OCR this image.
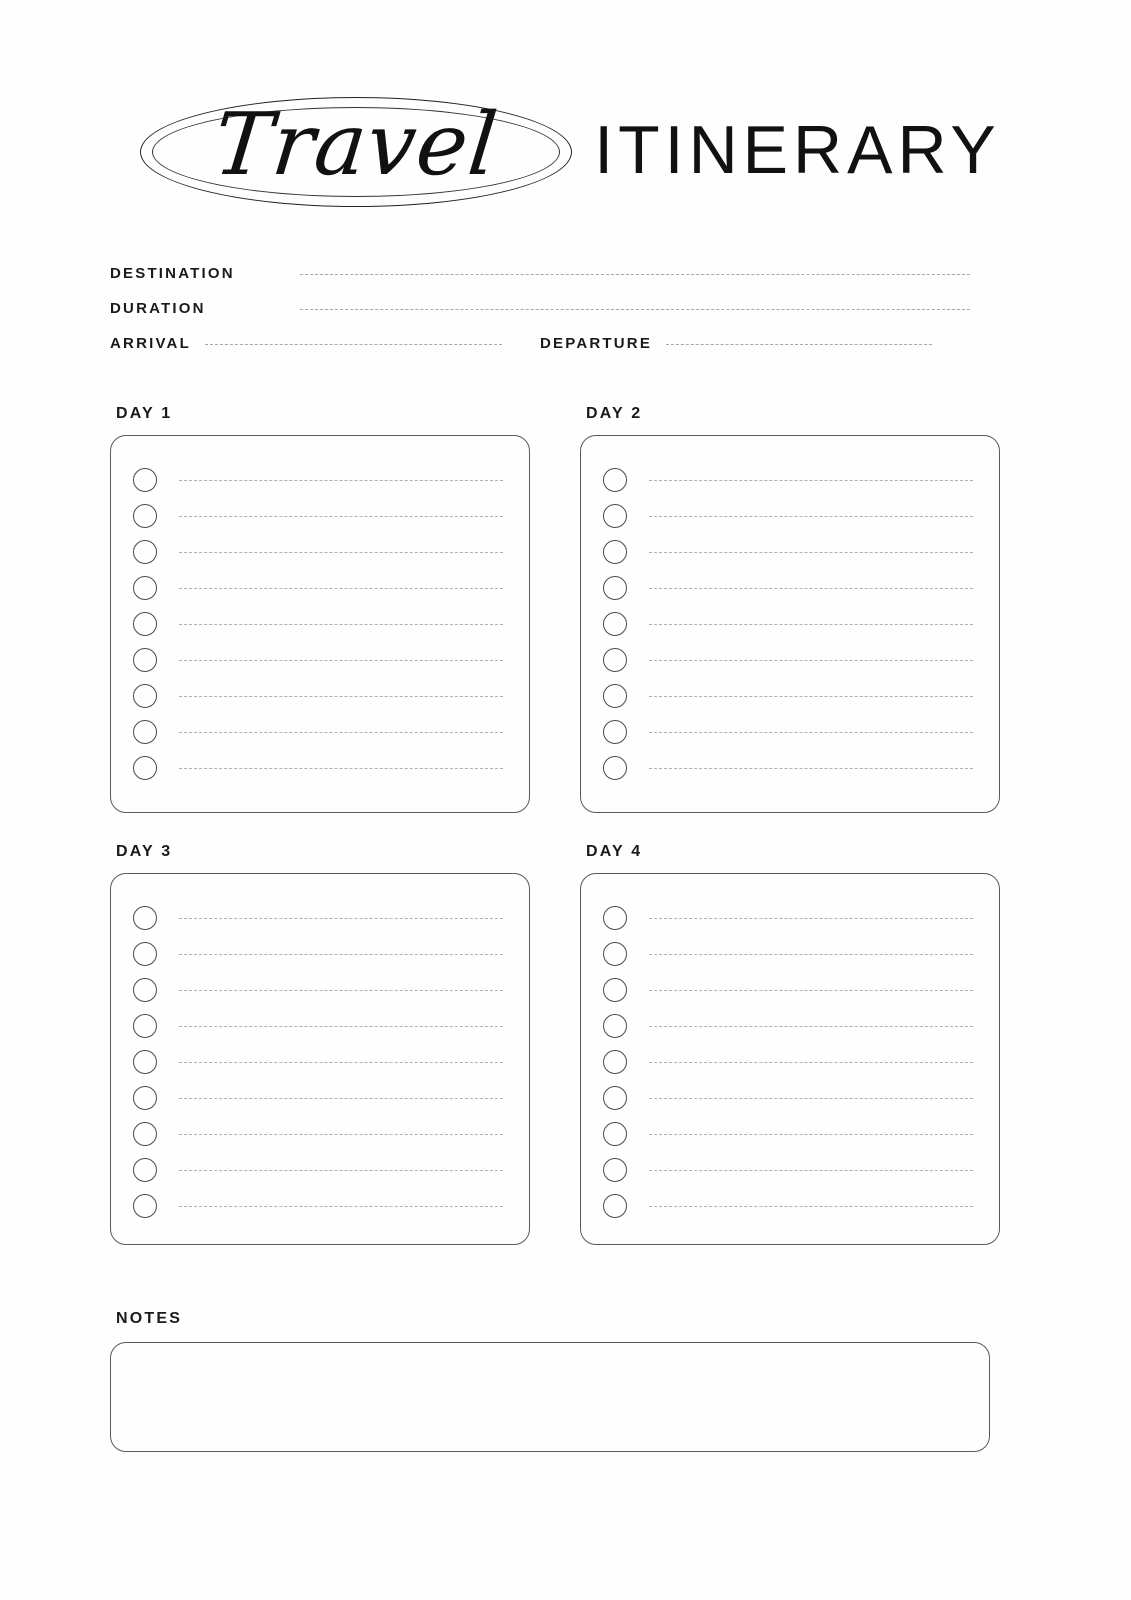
Travel ITINERARY
DESTINATION
DURATION
ARRIVAL	DEPARTURE
DAY 1	DAY 2
DAY 3	DAY 4
NOTES
